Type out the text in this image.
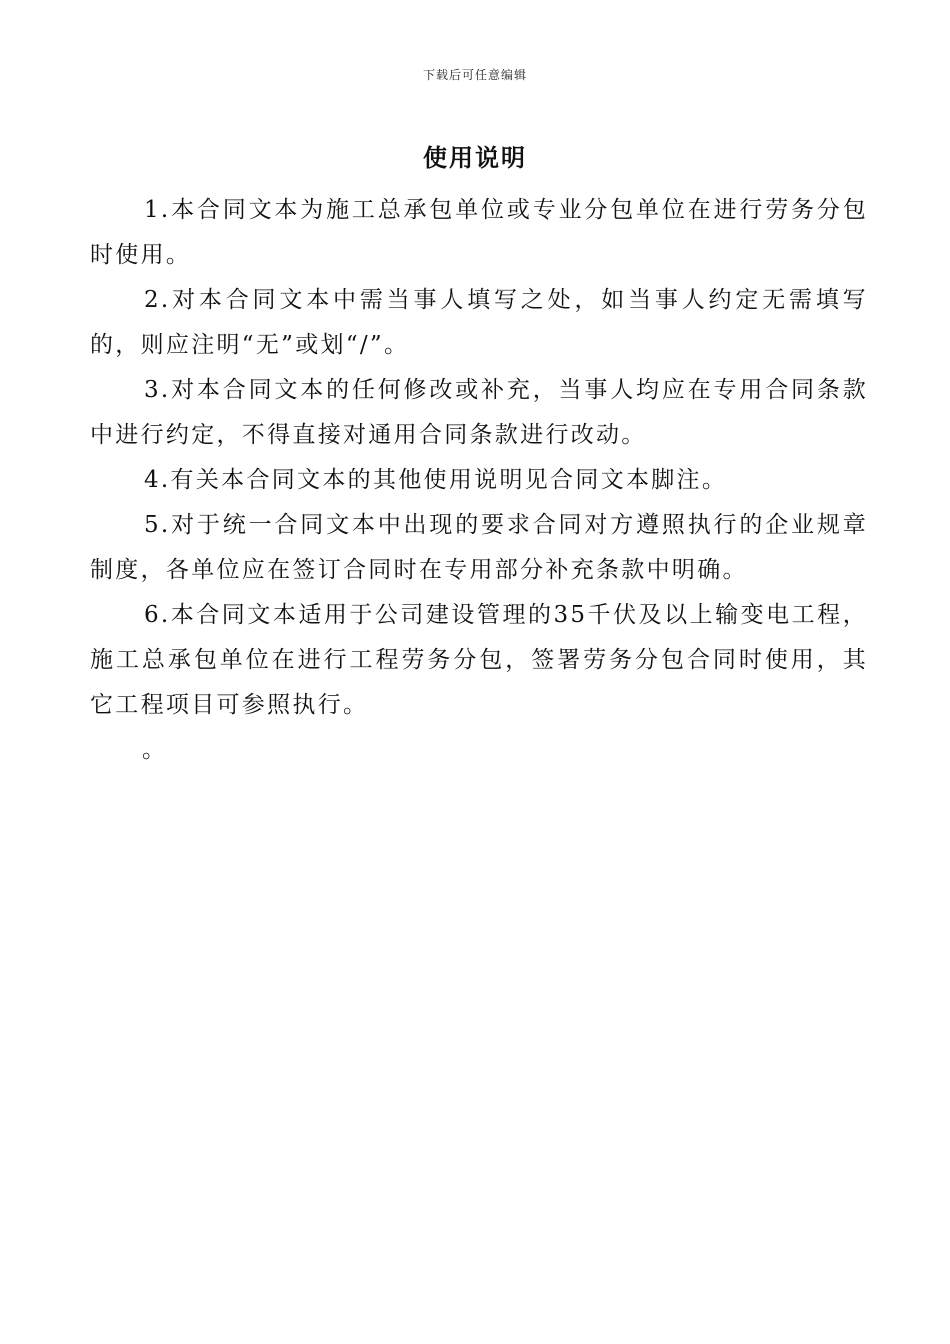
下载后可任意编辑
使用说明

1.本合同文本为施工总承包单位或专业分包单位在进行劳务分包时使用。

2.对本合同文本中需当事人填写之处，如当事人约定无需填写的，则应注明“无”或划“/”。

3.对本合同文本的任何修改或补充，当事人均应在专用合同条款中进行约定，不得直接对通用合同条款进行改动。

4.有关本合同文本的其他使用说明见合同文本脚注。

5.对于统一合同文本中出现的要求合同对方遵照执行的企业规章制度，各单位应在签订合同时在专用部分补充条款中明确。

6.本合同文本适用于公司建设管理的35千伏及以上输变电工程，施工总承包单位在进行工程劳务分包，签署劳务分包合同时使用，其它工程项目可参照执行。

。
